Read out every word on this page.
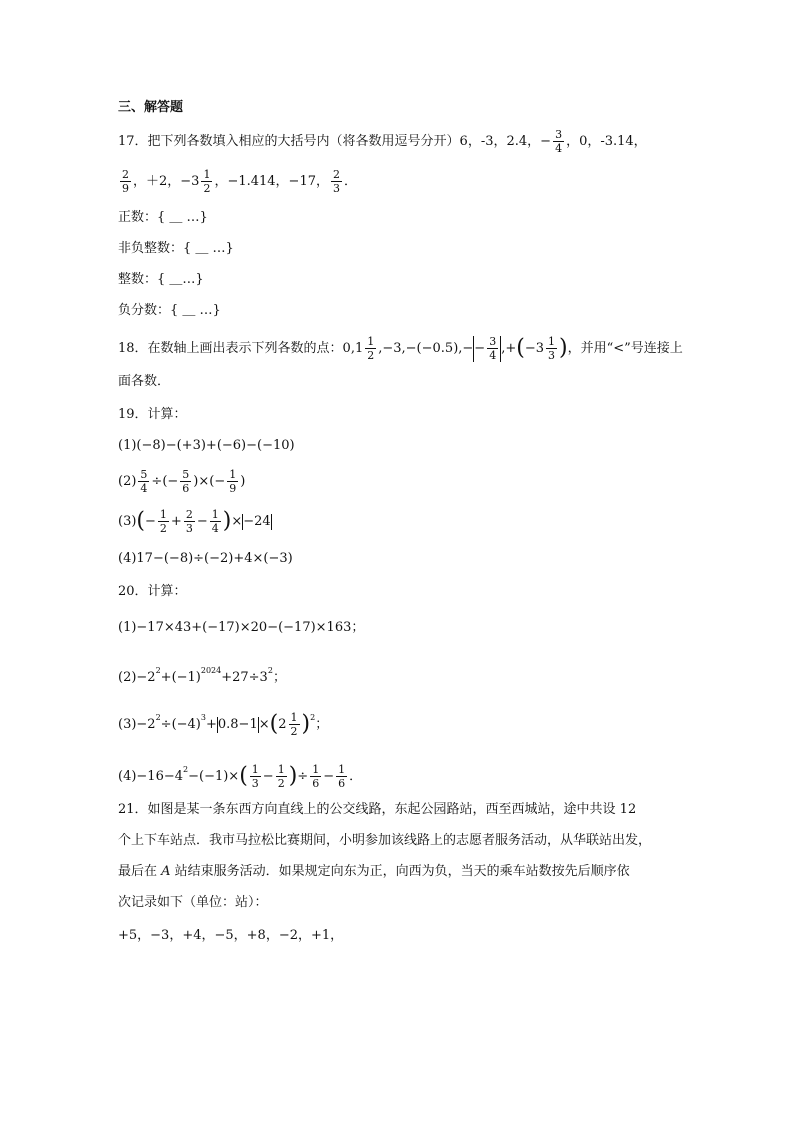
三、解答题
17．把下列各数填入相应的大括号内（将各数用逗号分开）6，-3，2.4，− $\frac{3}{4}$ ，0，-3.14，
$\frac{2}{9}$ ，＋2，$-3 \frac{1}{2}$ ，−1.414，−17， $\frac{2}{3}$ ．
正数：{ ＿ …}
非负整数：{ ＿ …}
整数：{ ＿…}
负分数：{ ＿ …}
18．在数轴上画出表示下列各数的点：$0,1 \frac{1}{2} ,-3,-(-0.5),-- \frac{3}{4} ,+(-3 \frac{1}{3}$ )，并用“<”号连接上
面各数．
19．计算：
(1)(−8)−(+3)+(−6)−(−10)
$(2) \frac{5}{4}$ ÷(− $\frac{5}{6}$ )×(− $\frac{1}{9}$ )
$(3)(- \frac{1}{2} + \frac{2}{3} - \frac{1}{4} )\times-24$
(4)17−(−8)÷(−2)+4×(−3)
20．计算：
(1)−17×43+(−17)×20−(−17)×163；
$(2)-2^2+(-1)^{2024}+27\div 3^2$；
$(3)-2^2\div(-4)^3+0.8-1\times(2 \frac{1}{2} )^2$；
$(4)-16-4^2-(-1)\times( \frac{1}{3} - \frac{1}{2}$ )÷ $\frac{1}{6} - \frac{1}{6}$ ．
21．如图是某一条东西方向直线上的公交线路，东起公园路站，西至西城站，途中共设 12
个上下车站点．我市马拉松比赛期间，小明参加该线路上的志愿者服务活动，从华联站出发，
最后在 A 站结束服务活动．如果规定向东为正，向西为负，当天的乘车站数按先后顺序依
次记录如下（单位：站）：
+5，−3，+4，−5，+8，−2，+1，
